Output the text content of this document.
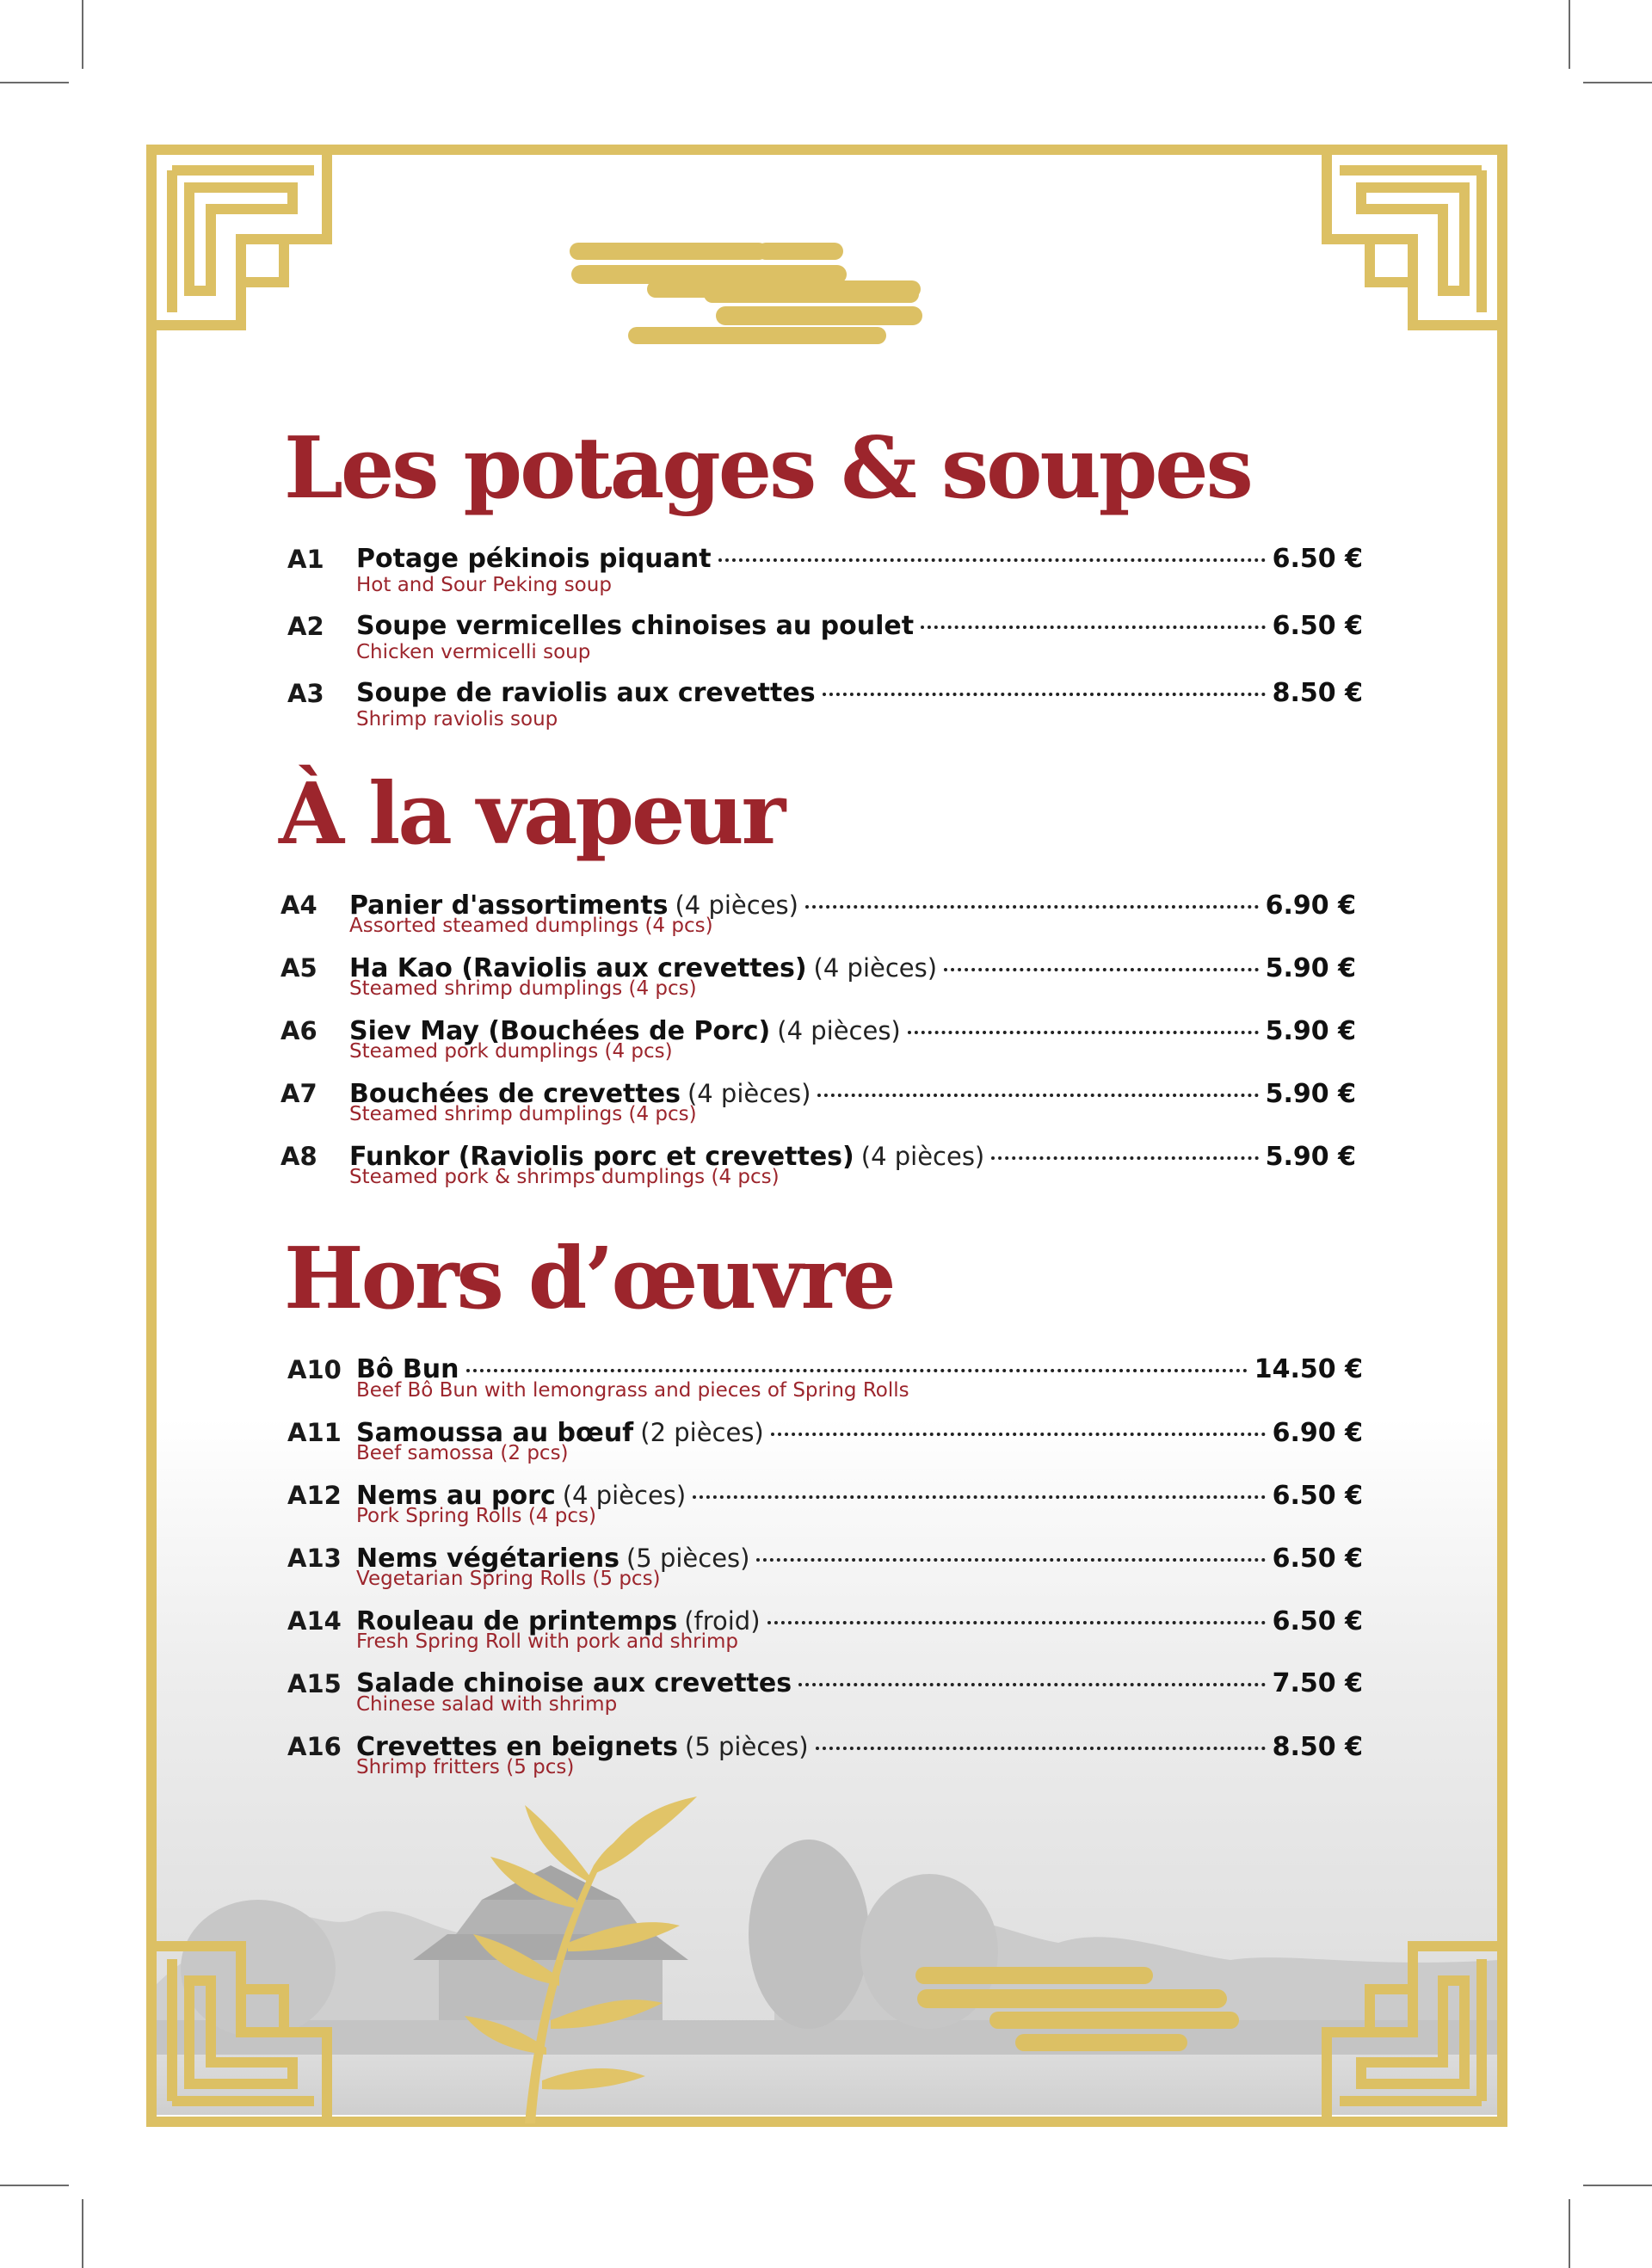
Les potages & soupes
A1 Potage pékinois piquant	6.50 €
Hot and Sour Peking soup
A2 Soupe vermicelles chinoises au poulet	6.50 €
Chicken vermicelli soup
A3 Soupe de raviolis aux crevettes	8.50 €
Shrimp raviolis soup
À la vapeur
A4 Panier d'assortiments (4 pièces)	6.90 €
Assorted steamed dumplings (4 pcs)
A5 Ha Kao (Raviolis aux crevettes) (4 pièces)	5.90 €
Steamed shrimp dumplings (4 pcs)
A6 Siev May (Bouchées de Porc) (4 pièces)	5.90 €
Steamed pork dumplings (4 pcs)
A7 Bouchées de crevettes (4 pièces)	5.90 €
Steamed shrimp dumplings (4 pcs)
A8 Funkor (Raviolis porc et crevettes) (4 pièces)	5.90 €
Steamed pork & shrimps dumplings (4 pcs)
Hors d’œuvre
A10 Bô Bun	14.50 €
Beef Bô Bun with lemongrass and pieces of Spring Rolls
A11 Samoussa au bœuf (2 pièces)	6.90 €
Beef samossa (2 pcs)
A12 Nems au porc (4 pièces)	6.50 €
Pork Spring Rolls (4 pcs)
A13 Nems végétariens (5 pièces)	6.50 €
Vegetarian Spring Rolls (5 pcs)
A14 Rouleau de printemps (froid)	6.50 €
Fresh Spring Roll with pork and shrimp
A15 Salade chinoise aux crevettes	7.50 €
Chinese salad with shrimp
A16 Crevettes en beignets (5 pièces)	8.50 €
Shrimp fritters (5 pcs)
